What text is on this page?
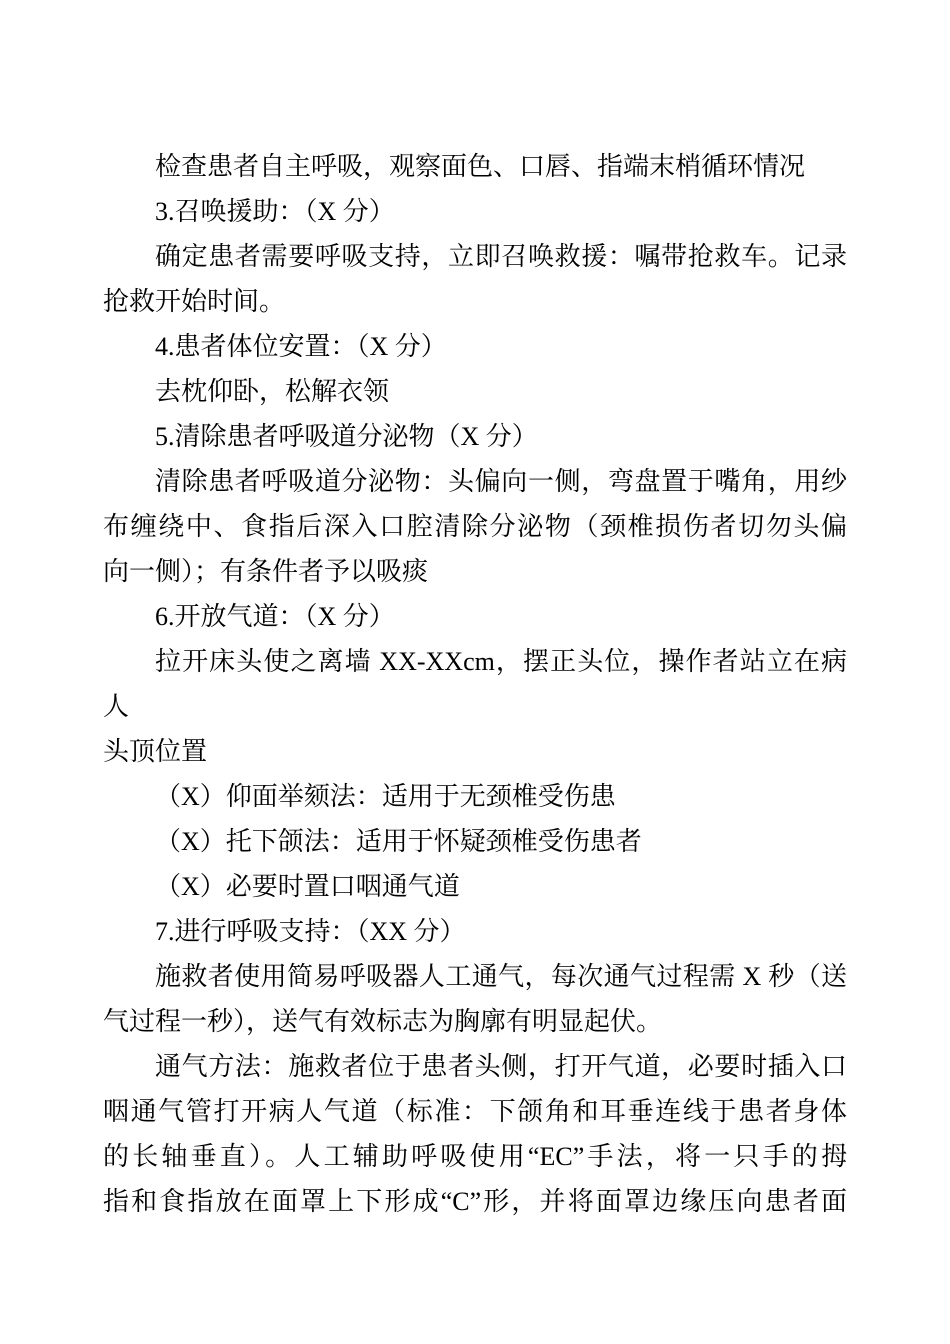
检查患者自主呼吸，观察面色、口唇、指端末梢循环情况

3.召唤援助：（X 分）

确定患者需要呼吸支持，立即召唤救援：嘱带抢救车。记录
抢救开始时间。

4.患者体位安置：（X 分）

去枕仰卧，松解衣领

5.清除患者呼吸道分泌物（X 分）

清除患者呼吸道分泌物：头偏向一侧，弯盘置于嘴角，用纱
布缠绕中、食指后深入口腔清除分泌物（颈椎损伤者切勿头偏
向一侧）；有条件者予以吸痰

6.开放气道：（X 分）

拉开床头使之离墙 XX-XXcm，摆正头位，操作者站立在病人
头顶位置

（X）仰面举颏法：适用于无颈椎受伤患

（X）托下颌法：适用于怀疑颈椎受伤患者

（X）必要时置口咽通气道

7.进行呼吸支持：（XX 分）

施救者使用简易呼吸器人工通气，每次通气过程需 X 秒（送
气过程一秒），送气有效标志为胸廓有明显起伏。

通气方法：施救者位于患者头侧，打开气道，必要时插入口
咽通气管打开病人气道（标准：下颌角和耳垂连线于患者身体
的长轴垂直）。人工辅助呼吸使用“EC”手法，将一只手的拇
指和食指放在面罩上下形成“C”形，并将面罩边缘压向患者面
